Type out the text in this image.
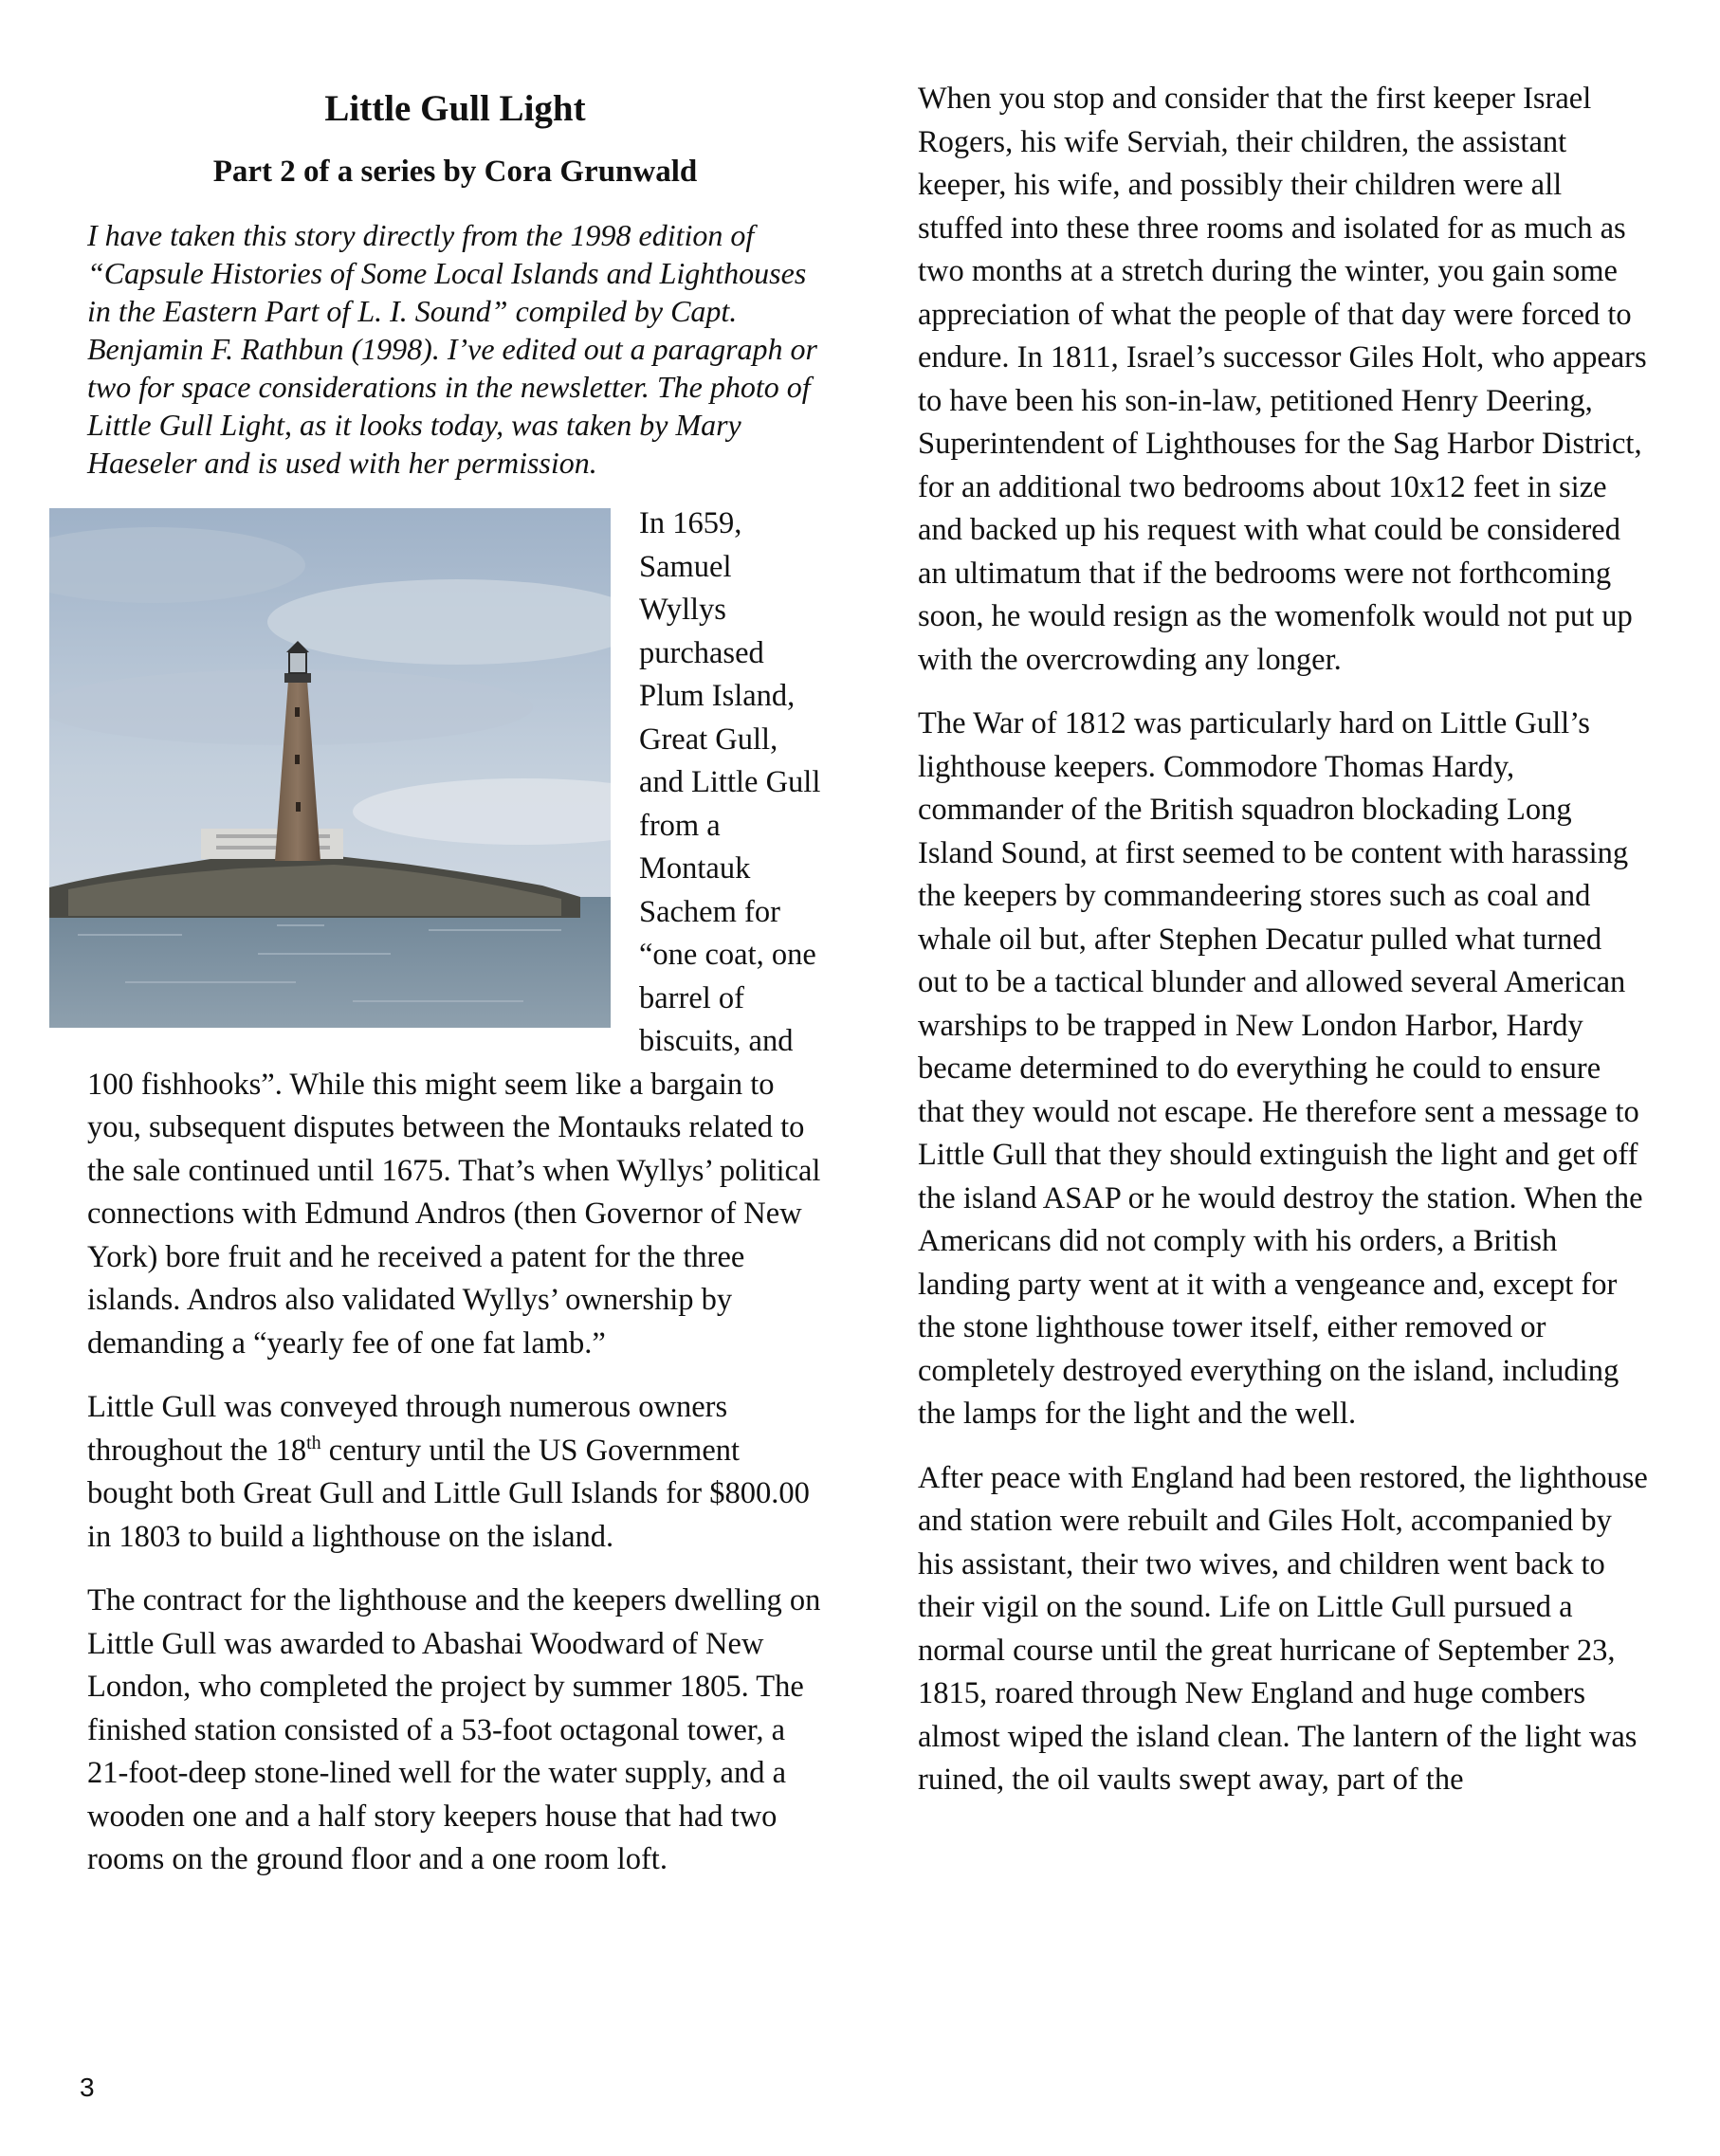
Little Gull Light
Part 2 of a series by Cora Grunwald
I have taken this story directly from the 1998 edition of “Capsule Histories of Some Local Islands and Lighthouses in the Eastern Part of L. I. Sound” compiled by Capt. Benjamin F. Rathbun (1998). I’ve edited out a paragraph or two for space considerations in the newsletter. The photo of Little Gull Light, as it looks today, was taken by Mary Haeseler and is used with her permission.

In 1659, Samuel Wyllys purchased Plum Island, Great Gull, and Little Gull from a Montauk Sachem for “one coat, one barrel of biscuits, and 100 fishhooks”. While this might seem like a bargain to you, subsequent disputes between the Montauks related to the sale continued until 1675. That’s when Wyllys’ political connections with Edmund Andros (then Governor of New York) bore fruit and he received a patent for the three islands. Andros also validated Wyllys’ ownership by demanding a “yearly fee of one fat lamb.”

Little Gull was conveyed through numerous owners throughout the 18th century until the US Government bought both Great Gull and Little Gull Islands for $800.00 in 1803 to build a lighthouse on the island.

The contract for the lighthouse and the keepers dwelling on Little Gull was awarded to Abashai Woodward of New London, who completed the project by summer 1805. The finished station consisted of a 53-foot octagonal tower, a 21-foot-deep stone-lined well for the water supply, and a wooden one and a half story keepers house that had two rooms on the ground floor and a one room loft.

When you stop and consider that the first keeper Israel Rogers, his wife Serviah, their children, the assistant keeper, his wife, and possibly their children were all stuffed into these three rooms and isolated for as much as two months at a stretch during the winter, you gain some appreciation of what the people of that day were forced to endure. In 1811, Israel’s successor Giles Holt, who appears to have been his son-in-law, petitioned Henry Deering, Superintendent of Lighthouses for the Sag Harbor District, for an additional two bedrooms about 10x12 feet in size and backed up his request with what could be considered an ultimatum that if the bedrooms were not forthcoming soon, he would resign as the womenfolk would not put up with the overcrowding any longer.

The War of 1812 was particularly hard on Little Gull’s lighthouse keepers. Commodore Thomas Hardy, commander of the British squadron blockading Long Island Sound, at first seemed to be content with harassing the keepers by commandeering stores such as coal and whale oil but, after Stephen Decatur pulled what turned out to be a tactical blunder and allowed several American warships to be trapped in New London Harbor, Hardy became determined to do everything he could to ensure that they would not escape. He therefore sent a message to Little Gull that they should extinguish the light and get off the island ASAP or he would destroy the station. When the Americans did not comply with his orders, a British landing party went at it with a vengeance and, except for the stone lighthouse tower itself, either removed or completely destroyed everything on the island, including the lamps for the light and the well.

After peace with England had been restored, the lighthouse and station were rebuilt and Giles Holt, accompanied by his assistant, their two wives, and children went back to their vigil on the sound. Life on Little Gull pursued a normal course until the great hurricane of September 23, 1815, roared through New England and huge combers almost wiped the island clean. The lantern of the light was ruined, the oil vaults swept away, part of the

3
